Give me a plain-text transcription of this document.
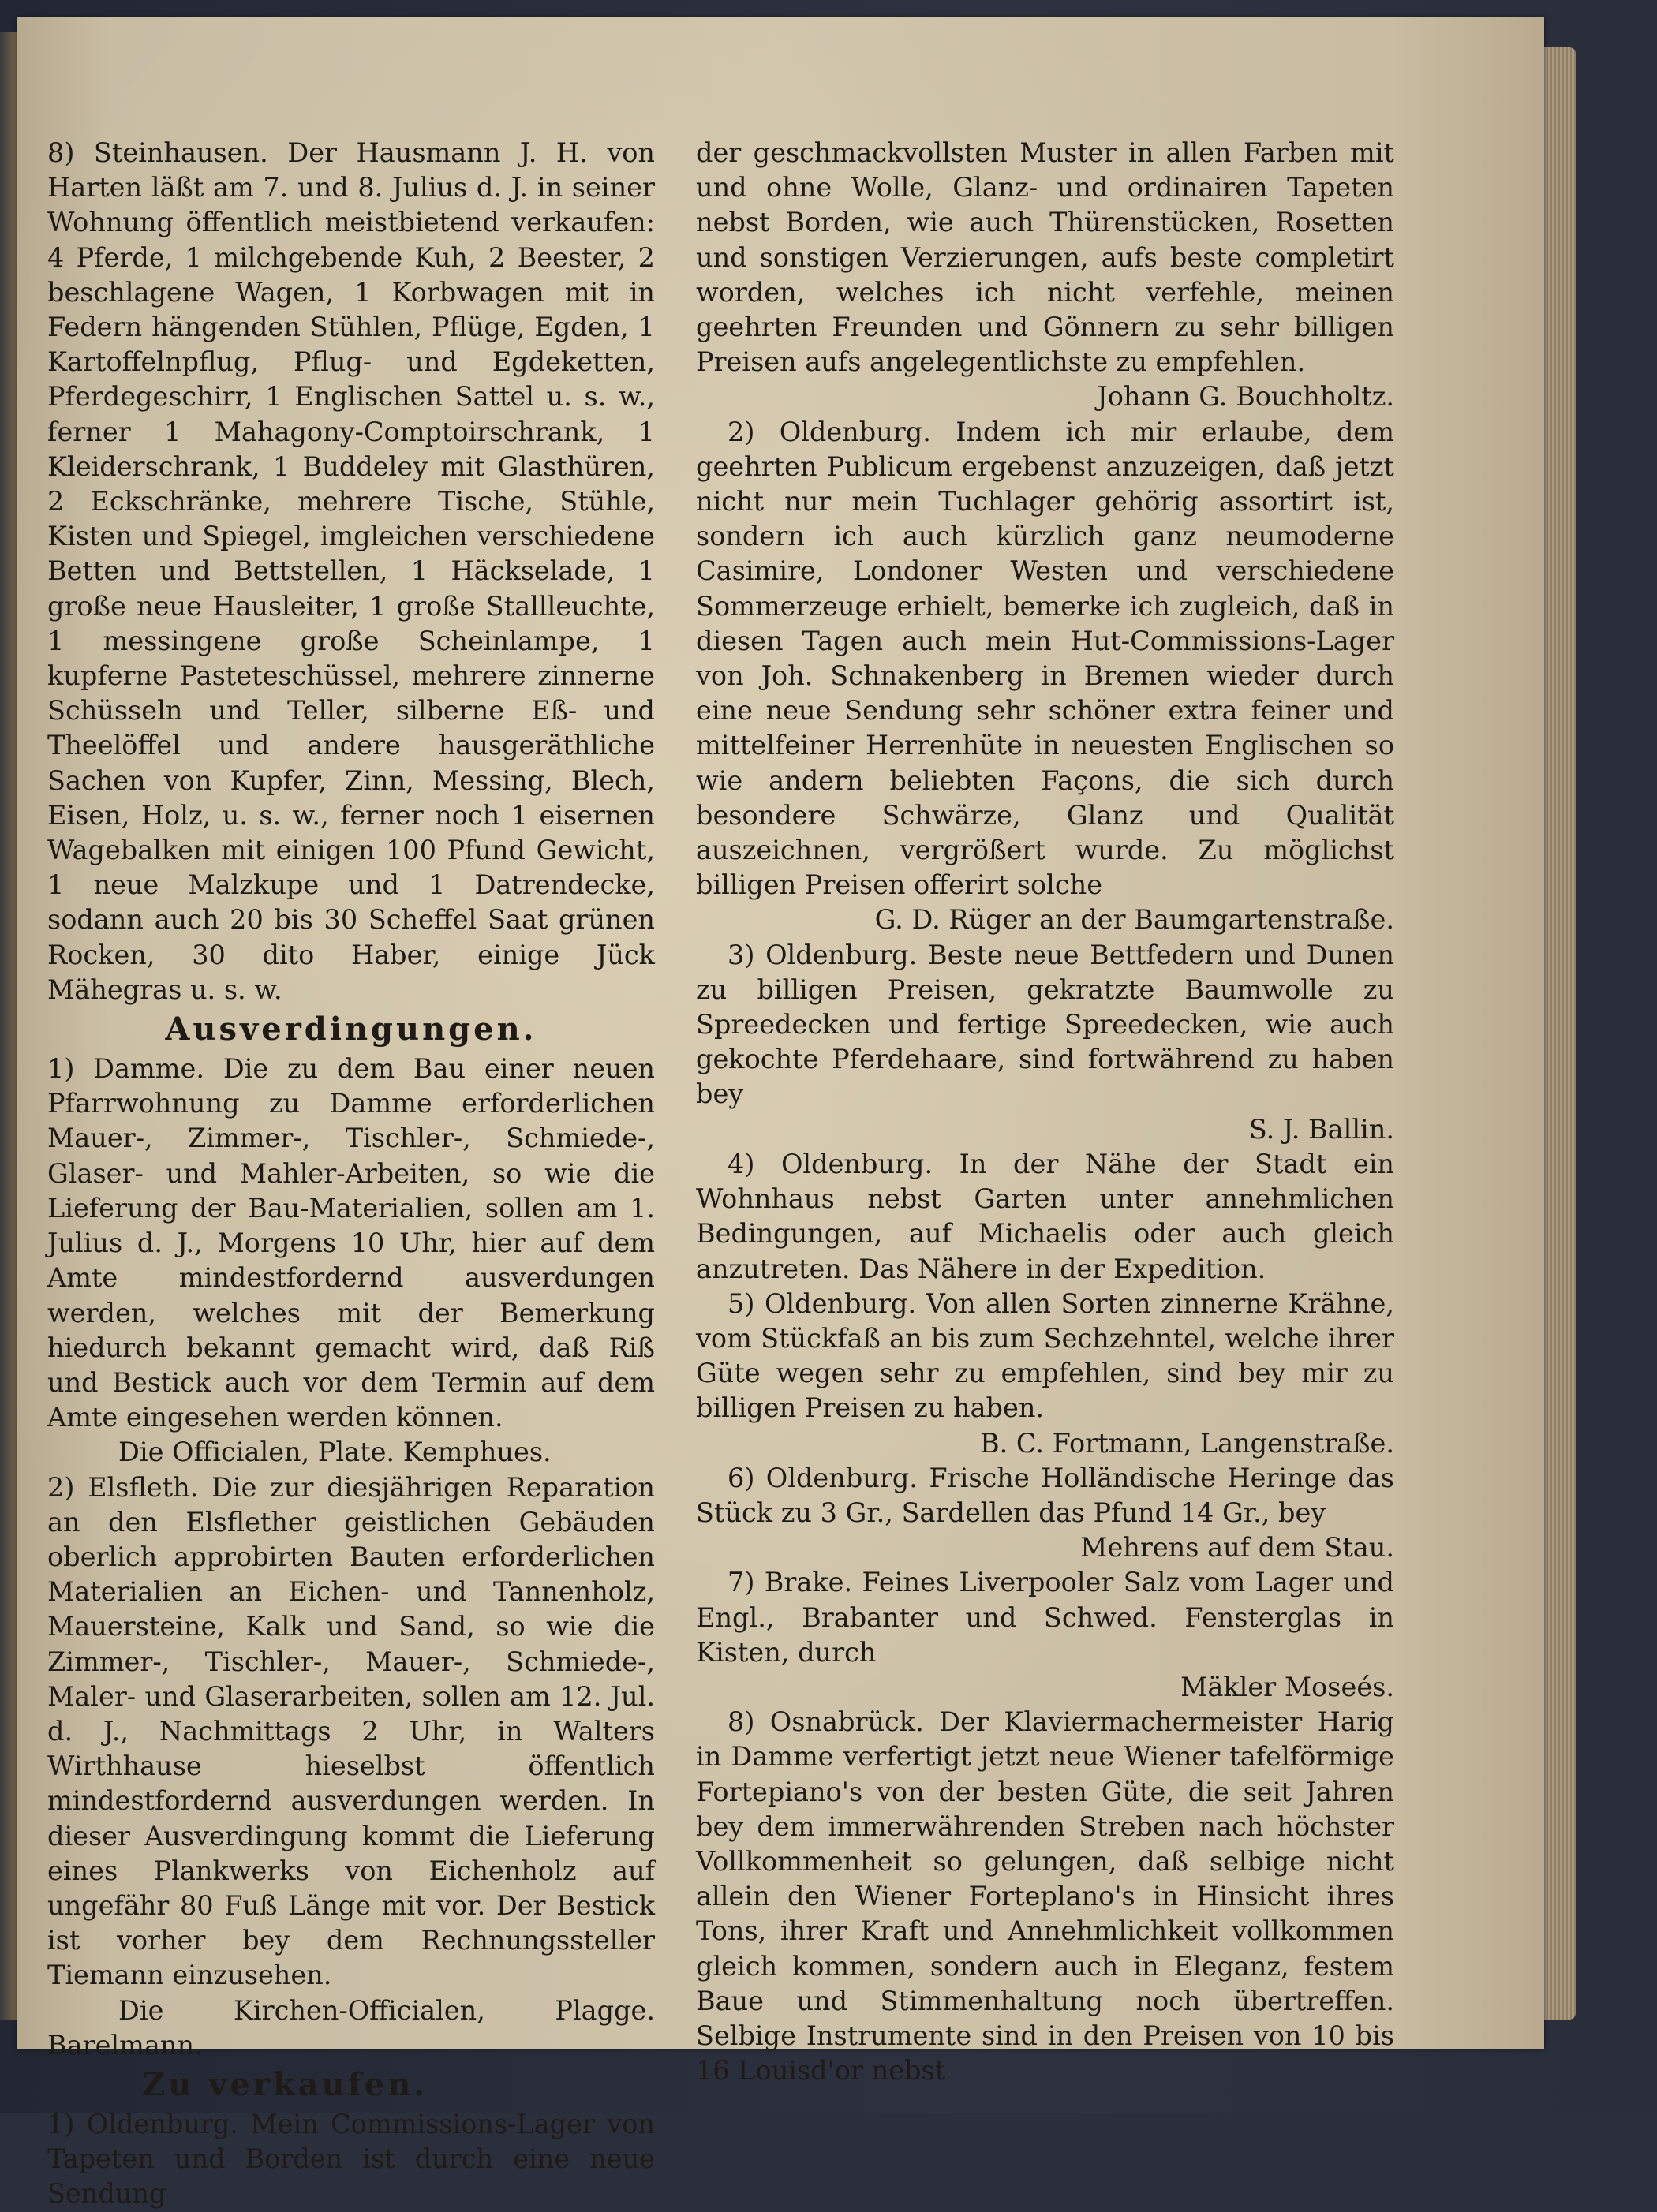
8) Steinhausen. Der Hausmann J. H. von Harten läßt am 7. und 8. Julius d. J. in seiner Wohnung öffentlich meistbietend verkaufen: 4 Pferde, 1 milchgebende Kuh, 2 Beester, 2 beschlagene Wagen, 1 Korbwagen mit in Federn hängenden Stühlen, Pflüge, Egden, 1 Kartoffelnpflug, Pflug- und Egdeketten, Pferdegeschirr, 1 Englischen Sattel u. s. w., ferner 1 Mahagony-Comptoirschrank, 1 Kleiderschrank, 1 Buddeley mit Glasthüren, 2 Eckschränke, mehrere Tische, Stühle, Kisten und Spiegel, imgleichen verschiedene Betten und Bettstellen, 1 Häckselade, 1 große neue Hausleiter, 1 große Stallleuchte, 1 messingene große Scheinlampe, 1 kupferne Pasteteschüssel, mehrere zinnerne Schüsseln und Teller, silberne Eß- und Theelöffel und andere hausgeräthliche Sachen von Kupfer, Zinn, Messing, Blech, Eisen, Holz, u. s. w., ferner noch 1 eisernen Wagebalken mit einigen 100 Pfund Gewicht, 1 neue Malzkupe und 1 Datrendecke, sodann auch 20 bis 30 Scheffel Saat grünen Rocken, 30 dito Haber, einige Jück Mähegras u. s. w.

Ausverdingungen.

1) Damme. Die zu dem Bau einer neuen Pfarrwohnung zu Damme erforderlichen Mauer-, Zimmer-, Tischler-, Schmiede-, Glaser- und Mahler-Arbeiten, so wie die Lieferung der Bau-Materialien, sollen am 1. Julius d. J., Morgens 10 Uhr, hier auf dem Amte mindestfordernd ausverdungen werden, welches mit der Bemerkung hiedurch bekannt gemacht wird, daß Riß und Bestick auch vor dem Termin auf dem Amte eingesehen werden können.

Die Officialen, Plate. Kemphues.

2) Elsfleth. Die zur diesjährigen Reparation an den Elsflether geistlichen Gebäuden oberlich approbirten Bauten erforderlichen Materialien an Eichen- und Tannenholz, Mauersteine, Kalk und Sand, so wie die Zimmer-, Tischler-, Mauer-, Schmiede-, Maler- und Glaserarbeiten, sollen am 12. Jul. d. J., Nachmittags 2 Uhr, in Walters Wirthhause hieselbst öffentlich mindestfordernd ausverdungen werden. In dieser Ausverdingung kommt die Lieferung eines Plankwerks von Eichenholz auf ungefähr 80 Fuß Länge mit vor. Der Bestick ist vorher bey dem Rechnungssteller Tiemann einzusehen.

Die Kirchen-Officialen, Plagge. Barelmann.

Zu verkaufen.

1) Oldenburg. Mein Commissions-Lager von Tapeten und Borden ist durch eine neue Sendung

der geschmackvollsten Muster in allen Farben mit und ohne Wolle, Glanz- und ordinairen Tapeten nebst Borden, wie auch Thürenstücken, Rosetten und sonstigen Verzierungen, aufs beste completirt worden, welches ich nicht verfehle, meinen geehrten Freunden und Gönnern zu sehr billigen Preisen aufs angelegentlichste zu empfehlen.

Johann G. Bouchholtz.

2) Oldenburg. Indem ich mir erlaube, dem geehrten Publicum ergebenst anzuzeigen, daß jetzt nicht nur mein Tuchlager gehörig assortirt ist, sondern ich auch kürzlich ganz neumoderne Casimire, Londoner Westen und verschiedene Sommerzeuge erhielt, bemerke ich zugleich, daß in diesen Tagen auch mein Hut-Commissions-Lager von Joh. Schnakenberg in Bremen wieder durch eine neue Sendung sehr schöner extra feiner und mittelfeiner Herrenhüte in neuesten Englischen so wie andern beliebten Façons, die sich durch besondere Schwärze, Glanz und Qualität auszeichnen, vergrößert wurde. Zu möglichst billigen Preisen offerirt solche

G. D. Rüger an der Baumgartenstraße.

3) Oldenburg. Beste neue Bettfedern und Dunen zu billigen Preisen, gekratzte Baumwolle zu Spreedecken und fertige Spreedecken, wie auch gekochte Pferdehaare, sind fortwährend zu haben bey

S. J. Ballin.

4) Oldenburg. In der Nähe der Stadt ein Wohnhaus nebst Garten unter annehmlichen Bedingungen, auf Michaelis oder auch gleich anzutreten. Das Nähere in der Expedition.

5) Oldenburg. Von allen Sorten zinnerne Krähne, vom Stückfaß an bis zum Sechzehntel, welche ihrer Güte wegen sehr zu empfehlen, sind bey mir zu billigen Preisen zu haben.

B. C. Fortmann, Langenstraße.

6) Oldenburg. Frische Holländische Heringe das Stück zu 3 Gr., Sardellen das Pfund 14 Gr., bey

Mehrens auf dem Stau.

7) Brake. Feines Liverpooler Salz vom Lager und Engl., Brabanter und Schwed. Fensterglas in Kisten, durch

Mäkler Moseés.

8) Osnabrück. Der Klaviermachermeister Harig in Damme verfertigt jetzt neue Wiener tafelförmige Fortepiano's von der besten Güte, die seit Jahren bey dem immerwährenden Streben nach höchster Vollkommenheit so gelungen, daß selbige nicht allein den Wiener Forteplano's in Hinsicht ihres Tons, ihrer Kraft und Annehmlichkeit vollkommen gleich kommen, sondern auch in Eleganz, festem Baue und Stimmenhaltung noch übertreffen. Selbige Instrumente sind in den Preisen von 10 bis 16 Louisd'or nebst
